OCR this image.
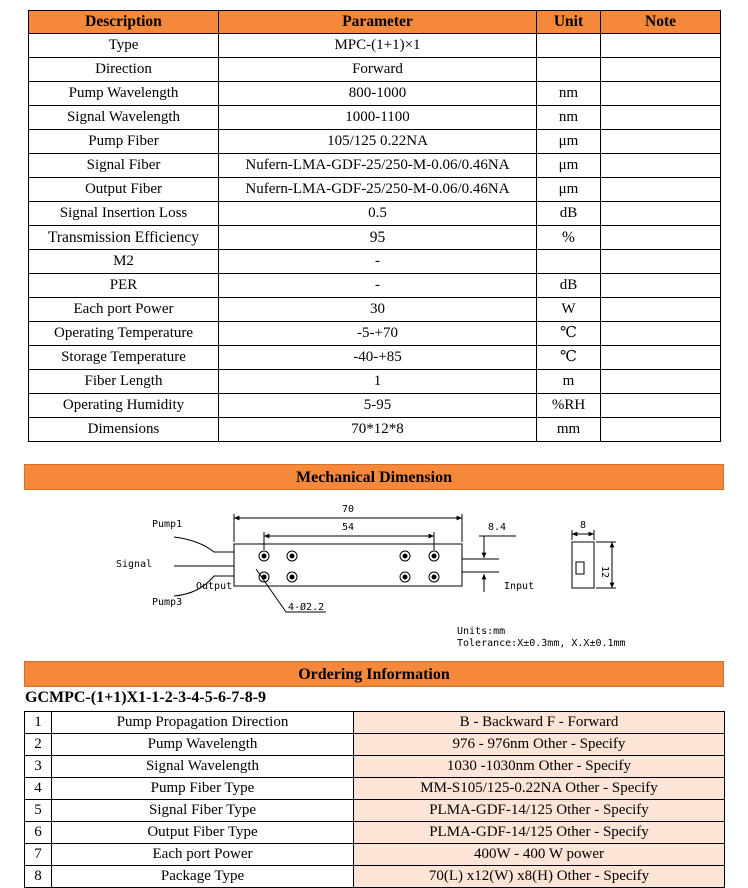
Description	Parameter	Unit	Note
Type	MPC-(1+1)×1		
Direction	Forward		
Pump Wavelength	800-1000	nm	
Signal Wavelength	1000-1100	nm	
Pump Fiber	105/125 0.22NA	μm	
Signal Fiber	Nufern-LMA-GDF-25/250-M-0.06/0.46NA	μm	
Output Fiber	Nufern-LMA-GDF-25/250-M-0.06/0.46NA	μm	
Signal Insertion Loss	0.5	dB	
Transmission Efficiency	95	%	
M2	-		
PER	-	dB	
Each port Power	30	W	
Operating Temperature	-5-+70	℃	
Storage Temperature	-40-+85	℃	
Fiber Length	1	m	
Operating Humidity	5-95	%RH	
Dimensions	70*12*8	mm	
Mechanical Dimension
Pump1
Signal
Pump3
Output	Input
70
54	8.4	8
12
4-Ø2.2
Units:mm
Tolerance:X±0.3mm, X.X±0.1mm
Ordering Information
GCMPC-(1+1)X1-1-2-3-4-5-6-7-8-9
1	Pump Propagation Direction	B - Backward F - Forward
2	Pump Wavelength	976 - 976nm Other - Specify
3	Signal Wavelength	1030 -1030nm Other - Specify
4	Pump Fiber Type	MM-S105/125-0.22NA Other - Specify
5	Signal Fiber Type	PLMA-GDF-14/125 Other - Specify
6	Output Fiber Type	PLMA-GDF-14/125 Other - Specify
7	Each port Power	400W - 400 W power
8	Package Type	70(L) x12(W) x8(H) Other - Specify
